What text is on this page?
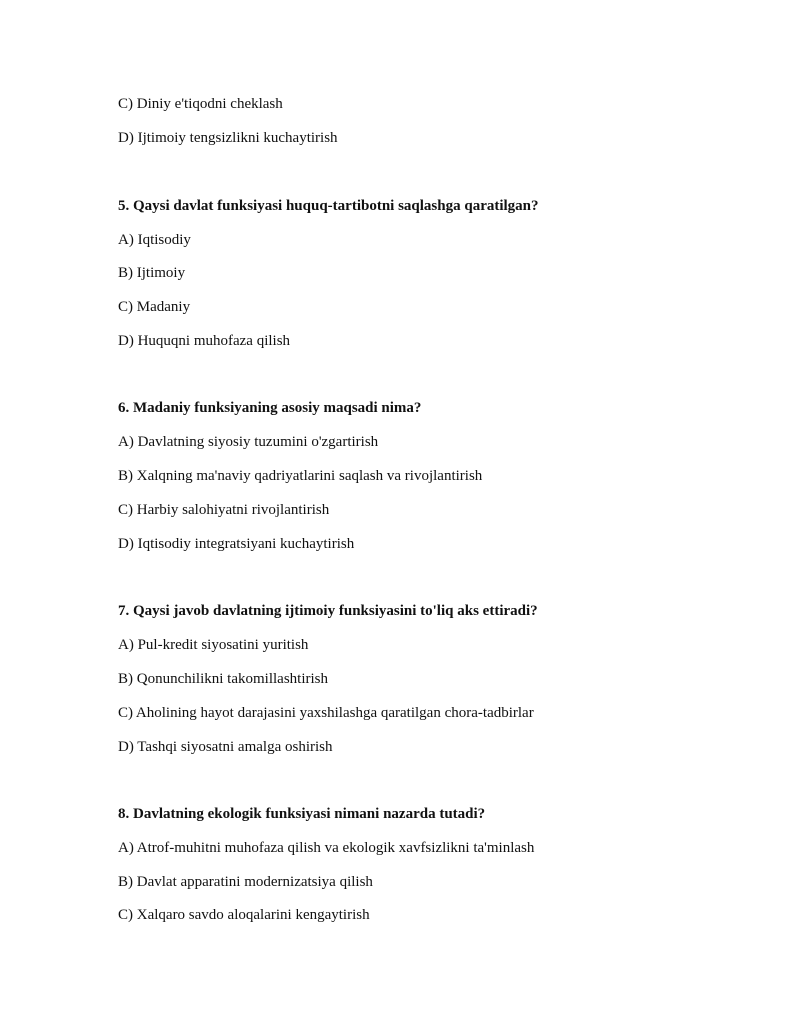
C) Diniy e'tiqodni cheklash
D) Ijtimoiy tengsizlikni kuchaytirish
5. Qaysi davlat funksiyasi huquq-tartibotni saqlashga qaratilgan?
A) Iqtisodiy
B) Ijtimoiy
C) Madaniy
D) Huquqni muhofaza qilish
6. Madaniy funksiyaning asosiy maqsadi nima?
A) Davlatning siyosiy tuzumini o'zgartirish
B) Xalqning ma'naviy qadriyatlarini saqlash va rivojlantirish
C) Harbiy salohiyatni rivojlantirish
D) Iqtisodiy integratsiyani kuchaytirish
7. Qaysi javob davlatning ijtimoiy funksiyasini to'liq aks ettiradi?
A) Pul-kredit siyosatini yuritish
B) Qonunchilikni takomillashtirish
C) Aholining hayot darajasini yaxshilashga qaratilgan chora-tadbirlar
D) Tashqi siyosatni amalga oshirish
8. Davlatning ekologik funksiyasi nimani nazarda tutadi?
A) Atrof-muhitni muhofaza qilish va ekologik xavfsizlikni ta'minlash
B) Davlat apparatini modernizatsiya qilish
C) Xalqaro savdo aloqalarini kengaytirish
